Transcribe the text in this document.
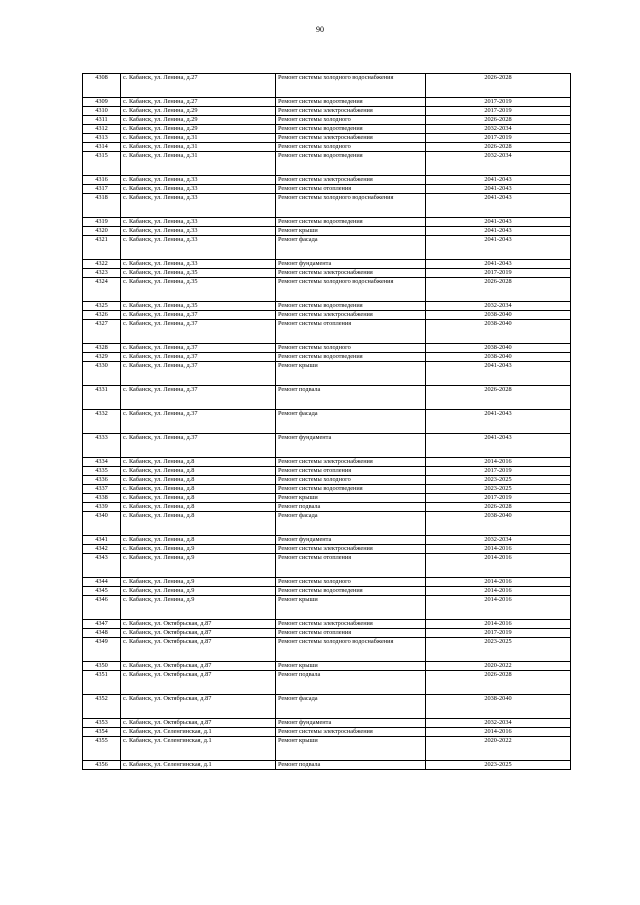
90
4308	с. Кабанск, ул. Ленина, д.27	Ремонт системы холодного водоснабжения	2026-2028
4309	с. Кабанск, ул. Ленина, д.27	Ремонт системы водоотведения	2017-2019
4310	с. Кабанск, ул. Ленина, д.29	Ремонт системы электроснабжения	2017-2019
4311	с. Кабанск, ул. Ленина, д.29	Ремонт системы холодного	2026-2028
4312	с. Кабанск, ул. Ленина, д.29	Ремонт системы водоотведения	2032-2034
4313	с. Кабанск, ул. Ленина, д.31	Ремонт системы электроснабжения	2017-2019
4314	с. Кабанск, ул. Ленина, д.31	Ремонт системы холодного	2026-2028
4315	с. Кабанск, ул. Ленина, д.31	Ремонт системы водоотведения	2032-2034
4316	с. Кабанск, ул. Ленина, д.33	Ремонт системы электроснабжения	2041-2043
4317	с. Кабанск, ул. Ленина, д.33	Ремонт системы отопления	2041-2043
4318	с. Кабанск, ул. Ленина, д.33	Ремонт системы холодного водоснабжения	2041-2043
4319	с. Кабанск, ул. Ленина, д.33	Ремонт системы водоотведения	2041-2043
4320	с. Кабанск, ул. Ленина, д.33	Ремонт крыши	2041-2043
4321	с. Кабанск, ул. Ленина, д.33	Ремонт фасада	2041-2043
4322	с. Кабанск, ул. Ленина, д.33	Ремонт фундамента	2041-2043
4323	с. Кабанск, ул. Ленина, д.35	Ремонт системы электроснабжения	2017-2019
4324	с. Кабанск, ул. Ленина, д.35	Ремонт системы холодного водоснабжения	2026-2028
4325	с. Кабанск, ул. Ленина, д.35	Ремонт системы водоотведения	2032-2034
4326	с. Кабанск, ул. Ленина, д.37	Ремонт системы электроснабжения	2038-2040
4327	с. Кабанск, ул. Ленина, д.37	Ремонт системы отопления	2038-2040
4328	с. Кабанск, ул. Ленина, д.37	Ремонт системы холодного	2038-2040
4329	с. Кабанск, ул. Ленина, д.37	Ремонт системы водоотведения	2038-2040
4330	с. Кабанск, ул. Ленина, д.37	Ремонт крыши	2041-2043
4331	с. Кабанск, ул. Ленина, д.37	Ремонт подвала	2026-2028
4332	с. Кабанск, ул. Ленина, д.37	Ремонт фасада	2041-2043
4333	с. Кабанск, ул. Ленина, д.37	Ремонт фундамента	2041-2043
4334	с. Кабанск, ул. Ленина, д.8	Ремонт системы электроснабжения	2014-2016
4335	с. Кабанск, ул. Ленина, д.8	Ремонт системы отопления	2017-2019
4336	с. Кабанск, ул. Ленина, д.8	Ремонт системы холодного	2023-2025
4337	с. Кабанск, ул. Ленина, д.8	Ремонт системы водоотведения	2023-2025
4338	с. Кабанск, ул. Ленина, д.8	Ремонт крыши	2017-2019
4339	с. Кабанск, ул. Ленина, д.8	Ремонт подвала	2026-2028
4340	с. Кабанск, ул. Ленина, д.8	Ремонт фасада	2038-2040
4341	с. Кабанск, ул. Ленина, д.8	Ремонт фундамента	2032-2034
4342	с. Кабанск, ул. Ленина, д.9	Ремонт системы электроснабжения	2014-2016
4343	с. Кабанск, ул. Ленина, д.9	Ремонт системы отопления	2014-2016
4344	с. Кабанск, ул. Ленина, д.9	Ремонт системы холодного	2014-2016
4345	с. Кабанск, ул. Ленина, д.9	Ремонт системы водоотведения	2014-2016
4346	с. Кабанск, ул. Ленина, д.9	Ремонт крыши	2014-2016
4347	с. Кабанск, ул. Октябрьская, д.87	Ремонт системы электроснабжения	2014-2016
4348	с. Кабанск, ул. Октябрьская, д.87	Ремонт системы отопления	2017-2019
4349	с. Кабанск, ул. Октябрьская, д.87	Ремонт системы холодного водоснабжения	2023-2025
4350	с. Кабанск, ул. Октябрьская, д.87	Ремонт крыши	2020-2022
4351	с. Кабанск, ул. Октябрьская, д.87	Ремонт подвала	2026-2028
4352	с. Кабанск, ул. Октябрьская, д.87	Ремонт фасада	2038-2040
4353	с. Кабанск, ул. Октябрьская, д.87	Ремонт фундамента	2032-2034
4354	с. Кабанск, ул. Селенгинская, д.1	Ремонт системы электроснабжения	2014-2016
4355	с. Кабанск, ул. Селенгинская, д.1	Ремонт крыши	2020-2022
4356	с. Кабанск, ул. Селенгинская, д.1	Ремонт подвала	2023-2025
